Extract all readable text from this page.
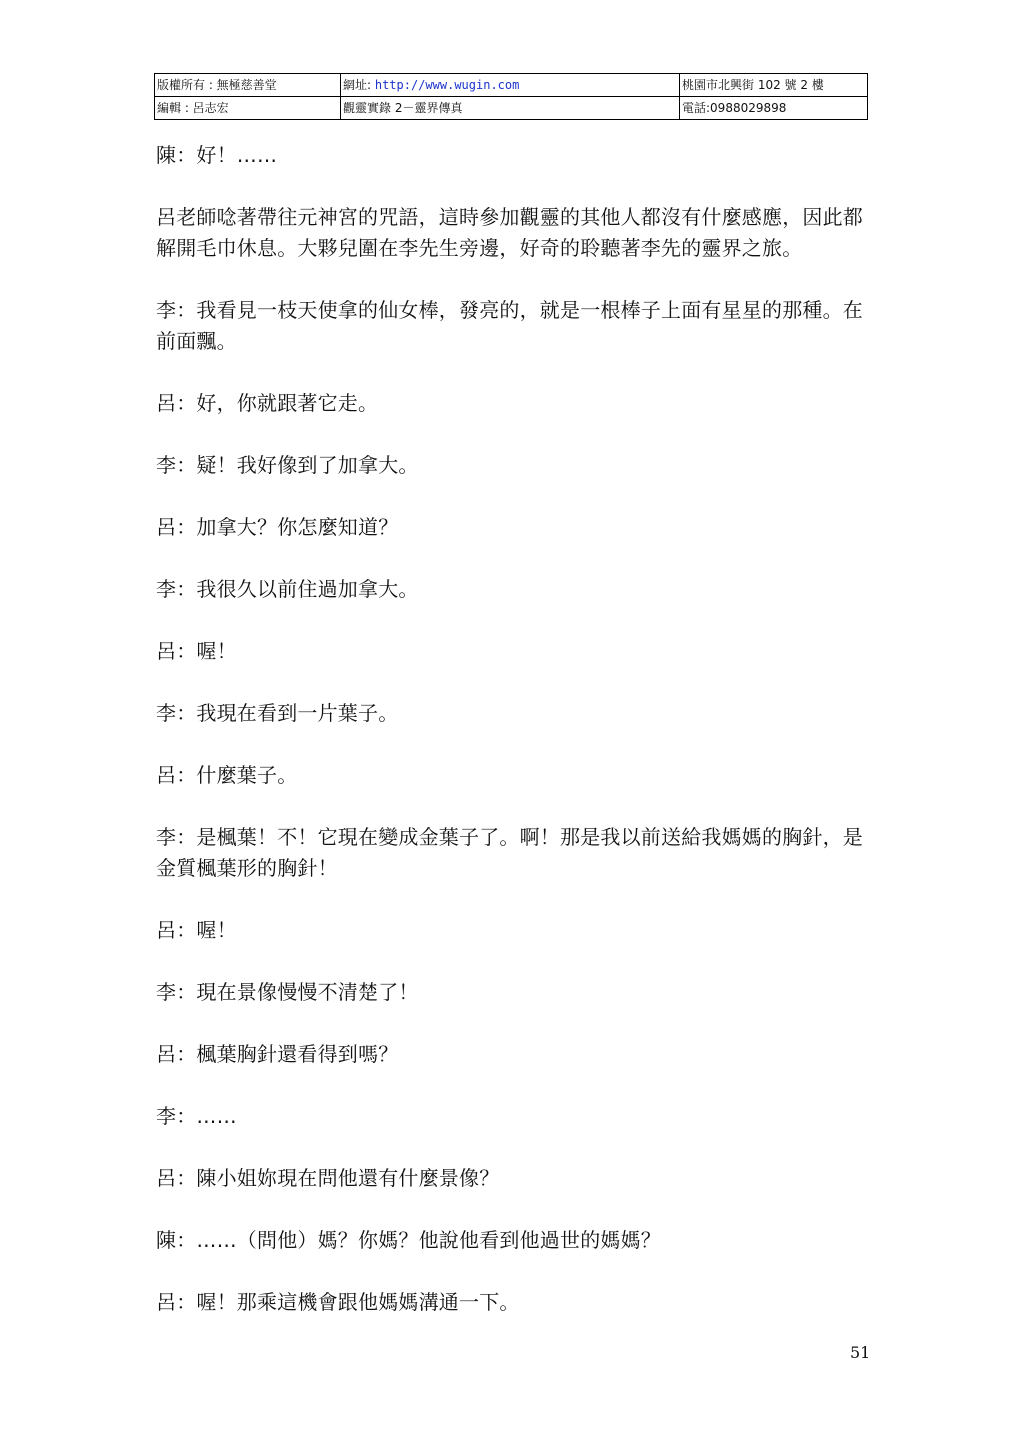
版權所有 : 無極慈善堂	網址: http://www.wugin.com	桃園市北興街 102 號 2 樓
編輯 : 呂志宏	觀靈實錄 2－靈界傳真	電話:0988029898

陳：好！……

呂老師唸著帶往元神宮的咒語，這時參加觀靈的其他人都沒有什麼感應，因此都解開毛巾休息。大夥兒圍在李先生旁邊，好奇的聆聽著李先的靈界之旅。

李：我看見一枝天使拿的仙女棒，發亮的，就是一根棒子上面有星星的那種。在前面飄。

呂：好，你就跟著它走。

李：疑！我好像到了加拿大。

呂：加拿大？你怎麼知道？

李：我很久以前住過加拿大。

呂：喔！

李：我現在看到一片葉子。

呂：什麼葉子。

李：是楓葉！不！它現在變成金葉子了。啊！那是我以前送給我媽媽的胸針，是金質楓葉形的胸針！

呂：喔！

李：現在景像慢慢不清楚了！

呂：楓葉胸針還看得到嗎？

李：……

呂：陳小姐妳現在問他還有什麼景像？

陳：……（問他）媽？你媽？他說他看到他過世的媽媽？

呂：喔！那乘這機會跟他媽媽溝通一下。

51
